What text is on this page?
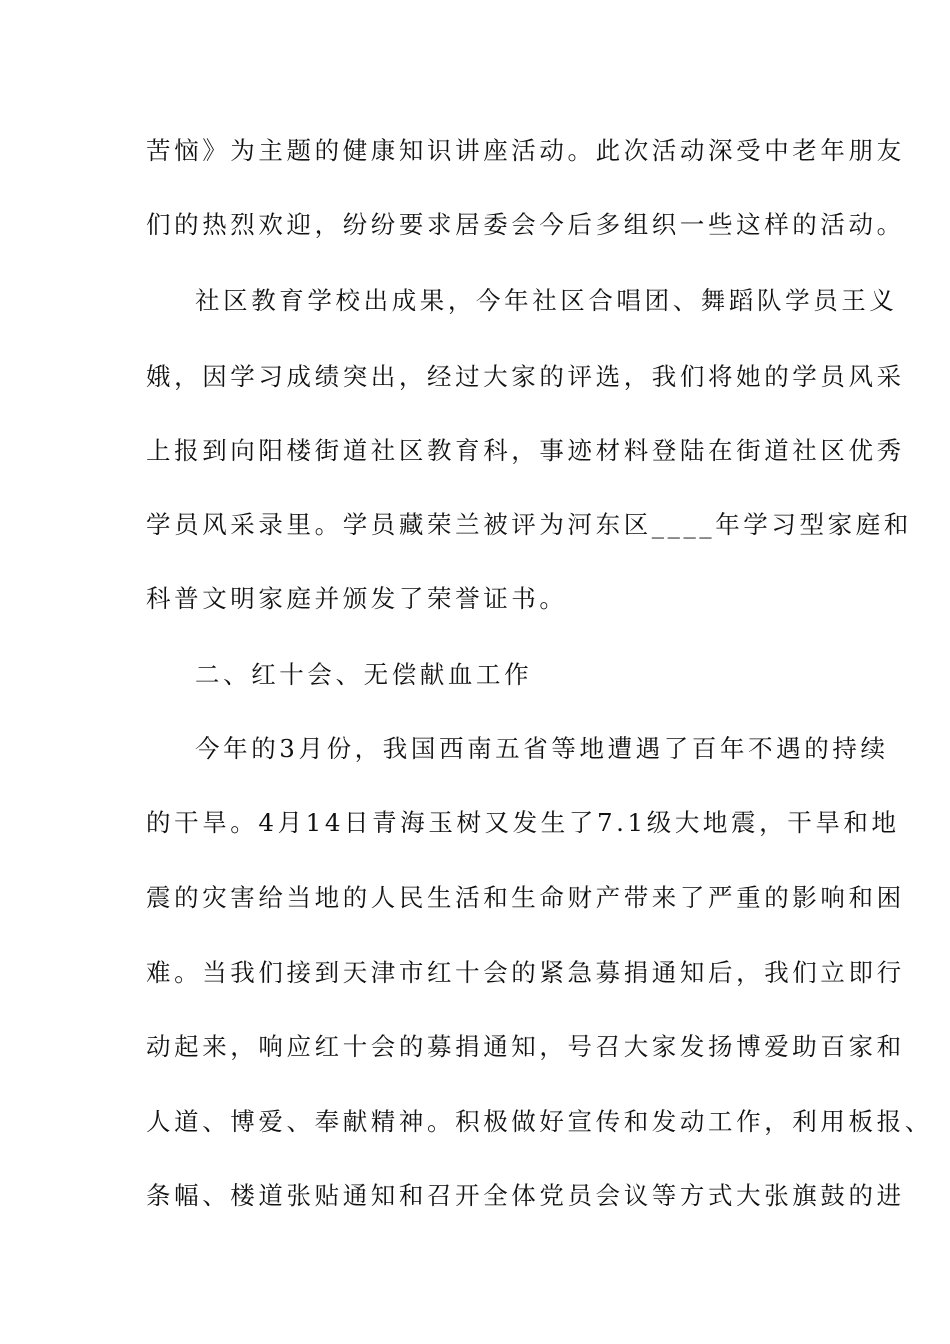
苦恼》为主题的健康知识讲座活动。此次活动深受中老年朋友
们的热烈欢迎，纷纷要求居委会今后多组织一些这样的活动。
社区教育学校出成果，今年社区合唱团、舞蹈队学员王义
娥，因学习成绩突出，经过大家的评选，我们将她的学员风采
上报到向阳楼街道社区教育科，事迹材料登陆在街道社区优秀
学员风采录里。学员藏荣兰被评为河东区____年学习型家庭和
科普文明家庭并颁发了荣誉证书。
二、红十会、无偿献血工作
今年的3月份，我国西南五省等地遭遇了百年不遇的持续
的干旱。4月14日青海玉树又发生了7.1级大地震，干旱和地
震的灾害给当地的人民生活和生命财产带来了严重的影响和困
难。当我们接到天津市红十会的紧急募捐通知后，我们立即行
动起来，响应红十会的募捐通知，号召大家发扬博爱助百家和
人道、博爱、奉献精神。积极做好宣传和发动工作，利用板报、
条幅、楼道张贴通知和召开全体党员会议等方式大张旗鼓的进
